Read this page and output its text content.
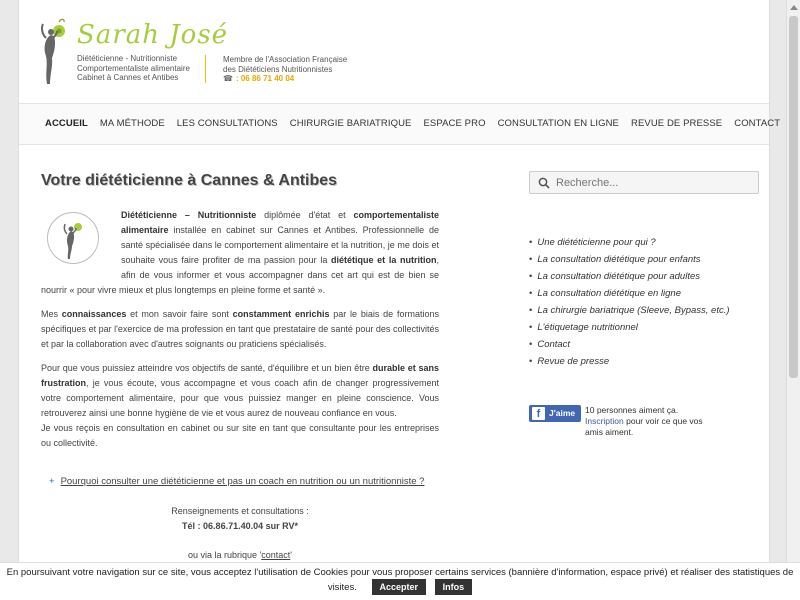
Sarah José
Diététicienne - Nutritionniste
Comportementaliste alimentaire
Cabinet à Cannes et Antibes
Membre de l'Association Française
des Diététiciens Nutritionnistes
☎ : 06 86 71 40 04
ACCUEIL	MA MÉTHODE	LES CONSULTATIONS	CHIRURGIE BARIATRIQUE	ESPACE PRO	CONSULTATION EN LIGNE	REVUE DE PRESSE	CONTACT
Votre diététicienne à Cannes & Antibes

Diététicienne – Nutritionniste diplômée d'état et comportementaliste alimentaire installée en cabinet sur Cannes et Antibes. Professionnelle de santé spécialisée dans le comportement alimentaire et la nutrition, je me dois et souhaite vous faire profiter de ma passion pour la diététique et la nutrition, afin de vous informer et vous accompagner dans cet art qui est de bien se nourrir « pour vivre mieux et plus longtemps en pleine forme et santé ».

Mes connaissances et mon savoir faire sont constamment enrichis par le biais de formations spécifiques et par l'exercice de ma profession en tant que prestataire de santé pour des collectivités et par la collaboration avec d'autres soignants ou praticiens spécialisés.

Pour que vous puissiez atteindre vos objectifs de santé, d'équilibre et un bien être durable et sans frustration, je vous écoute, vous accompagne et vous coach afin de changer progressivement votre comportement alimentaire, pour que vous puissiez manger en pleine conscience. Vous retrouverez ainsi une bonne hygiène de vie et vous aurez de nouveau confiance en vous.
Je vous reçois en consultation en cabinet ou sur site en tant que consultante pour les entreprises ou collectivité.

+ Pourquoi consulter une diététicienne et pas un coach en nutrition ou un nutritionniste ?
Renseignements et consultations :
Tél : 06.86.71.40.04 sur RV*
ou via la rubrique 'contact'
Recherche...
• Une diététicienne pour qui ?
• La consultation diététique pour enfants
• La consultation diététique pour adultes
• La consultation diététique en ligne
• La chirurgie bariatrique (Sleeve, Bypass, etc.)
• L'étiquetage nutritionnel
• Contact
• Revue de presse
f	J'aime 10 personnes aiment ça.
Inscription pour voir ce que vos amis aiment.
En poursuivant votre navigation sur ce site, vous acceptez l'utilisation de Cookies pour vous proposer certains services (bannière d'information, espace privé) et réaliser des statistiques de visites.	Accepter	Infos
